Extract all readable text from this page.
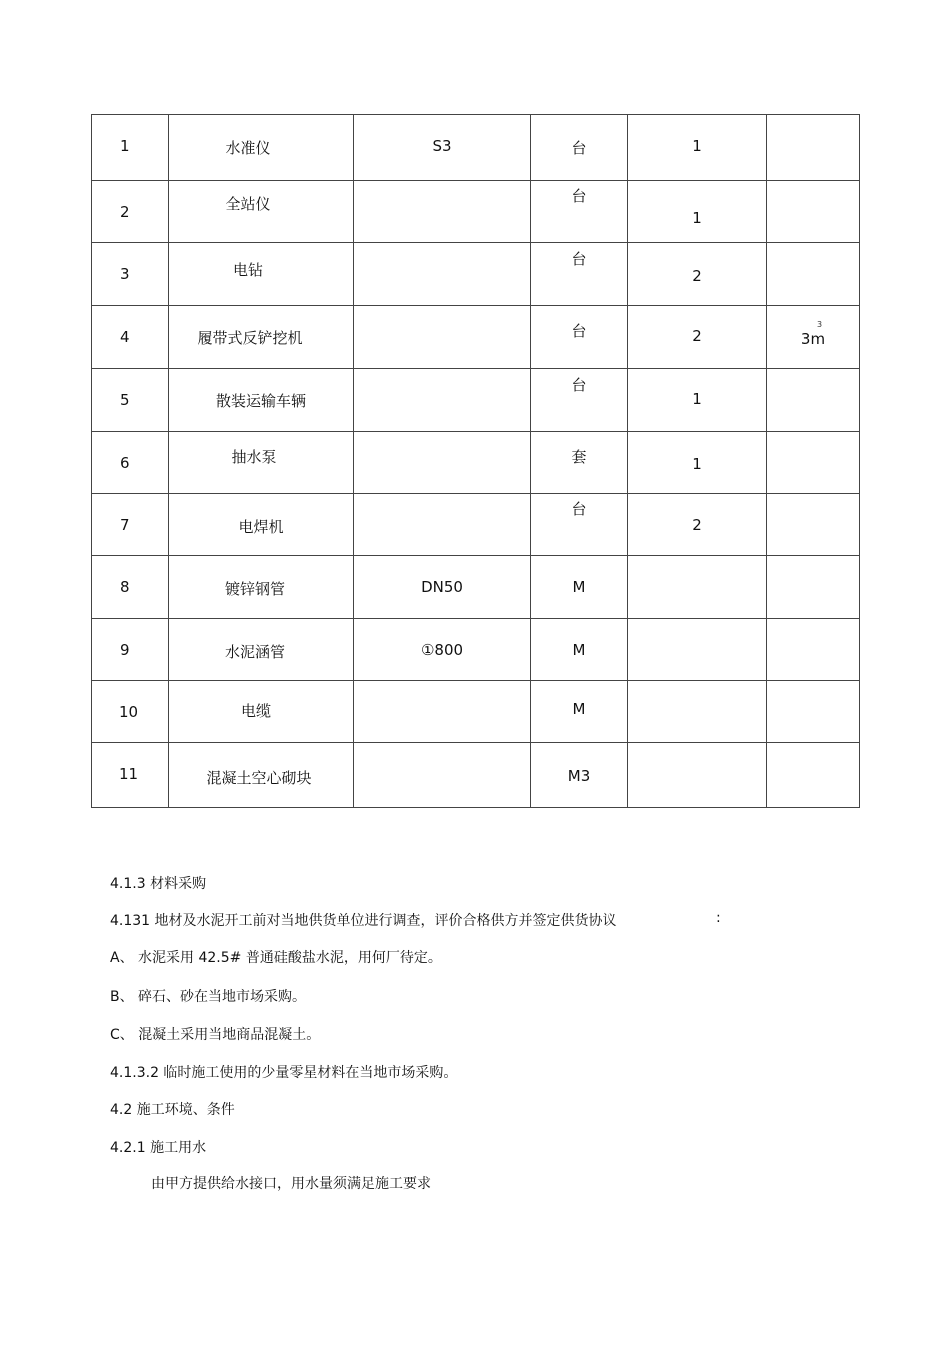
1	水准仪	S3	台	1	

2	全站仪		台	1	

3	电钻		台	2	

4	履带式反铲挖机		台	2	3m
3

5	散装运输车辆		台	1	

6	抽水泵		套	1	

7	电焊机		台	2	

8	镀锌钢管	DN50	M		

9	水泥涵管	①800	M		

10	电缆		M		

11	混凝土空心砌块		M3		

4.1.3 材料采购
4.131 地材及水泥开工前对当地供货单位进行调查，评价合格供方并签定供货协议	:
A、 水泥采用 42.5# 普通硅酸盐水泥，用何厂待定。
B、 碎石、砂在当地市场采购。
C、 混凝土采用当地商品混凝土。
4.1.3.2 临时施工使用的少量零星材料在当地市场采购。
4.2 施工环境、条件
4.2.1 施工用水
由甲方提供给水接口，用水量须满足施工要求
